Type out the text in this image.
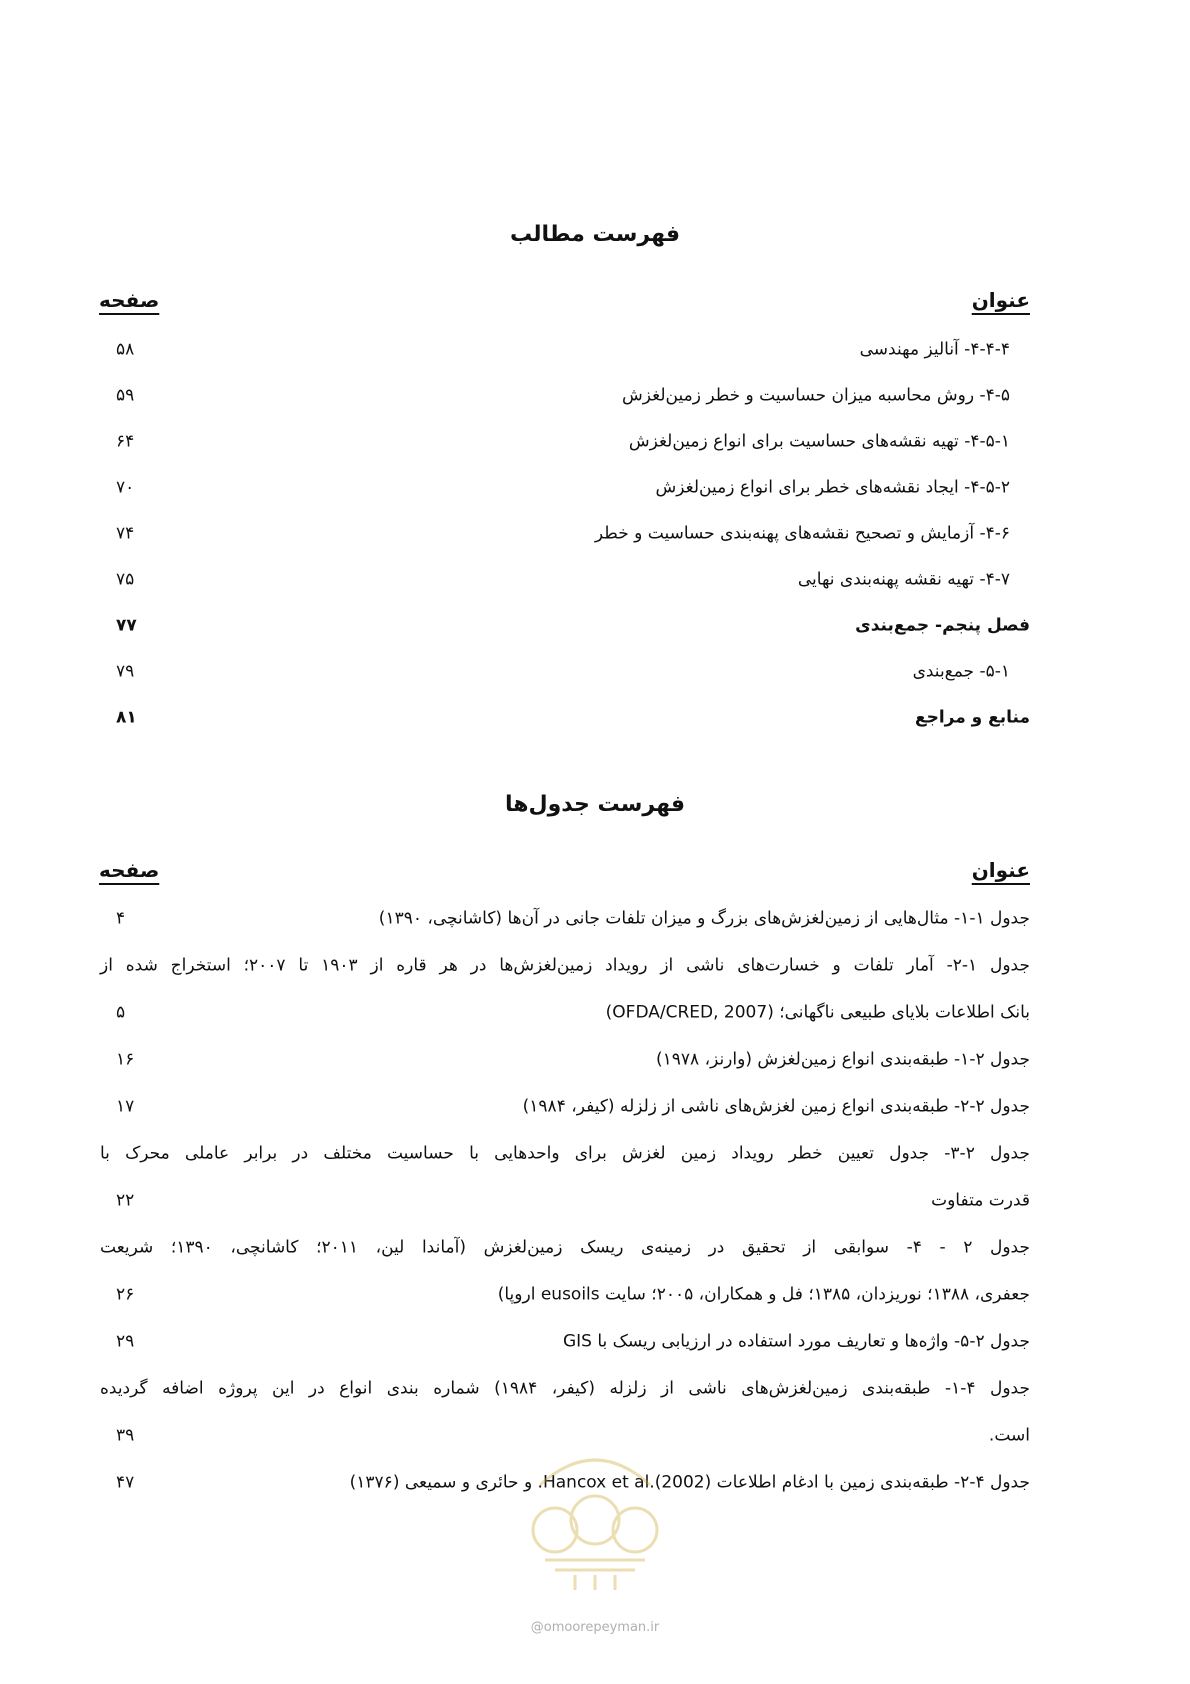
فهرست مطالب
عنوان
صفحه
۴-۴-۴- آنالیز مهندسی
۵۸
۴-۵- روش محاسبه میزان حساسیت و خطر زمین‌لغزش
۵۹
۴-۵-۱- تهیه نقشه‌های حساسیت برای انواع زمین‌لغزش
۶۴
۴-۵-۲- ایجاد نقشه‌های خطر برای انواع زمین‌لغزش
۷۰
۴-۶- آزمایش و تصحیح نقشه‌های پهنه‌بندی حساسیت و خطر
۷۴
۴-۷- تهیه نقشه پهنه‌بندی نهایی
۷۵
فصل پنجم- جمع‌بندی
۷۷
۵-۱- جمع‌بندی
۷۹
منابع و مراجع
۸۱
فهرست جدول‌ها
عنوان
صفحه
جدول ۱-۱- مثال‌هایی از زمین‌لغزش‌های بزرگ و میزان تلفات جانی در آن‌ها (کاشانچی، ۱۳۹۰)
۴
جدول ۱-۲- آمار تلفات و خسارت‌های ناشی از رویداد زمین‌لغزش‌ها در هر قاره از ۱۹۰۳ تا ۲۰۰۷؛ استخراج شده از
بانک اطلاعات بلایای طبیعی ناگهانی؛ (OFDA/CRED, 2007)
۵
جدول ۲-۱- طبقه‌بندی انواع زمین‌لغزش (وارنز، ۱۹۷۸)
۱۶
جدول ۲-۲- طبقه‌بندی انواع زمین لغزش‌های ناشی از زلزله (کیفر، ۱۹۸۴)
۱۷
جدول ۲-۳- جدول تعیین خطر رویداد زمین لغزش برای واحدهایی با حساسیت مختلف در برابر عاملی محرک با
قدرت متفاوت
۲۲
جدول ۲ - ۴- سوابقی از تحقیق در زمینه‌ی ریسک زمین‌لغزش (آماندا لین، ۲۰۱۱؛ کاشانچی، ۱۳۹۰؛ شریعت
جعفری، ۱۳۸۸؛ نوریزدان، ۱۳۸۵؛ فل و همکاران، ۲۰۰۵؛ سایت eusoils اروپا)
۲۶
جدول ۲-۵- واژه‌ها و تعاریف مورد استفاده در ارزیابی ریسک با GIS
۲۹
جدول ۴-۱- طبقه‌بندی زمین‌لغزش‌های ناشی از زلزله (کیفر، ۱۹۸۴) شماره بندی انواع در این پروژه اضافه گردیده
است.
۳۹
جدول ۴-۲- طبقه‌بندی زمین با ادغام اطلاعات Hancox et al.(2002). و حائری و سمیعی (۱۳۷۶)
۴۷
@omoorepeyman.ir
